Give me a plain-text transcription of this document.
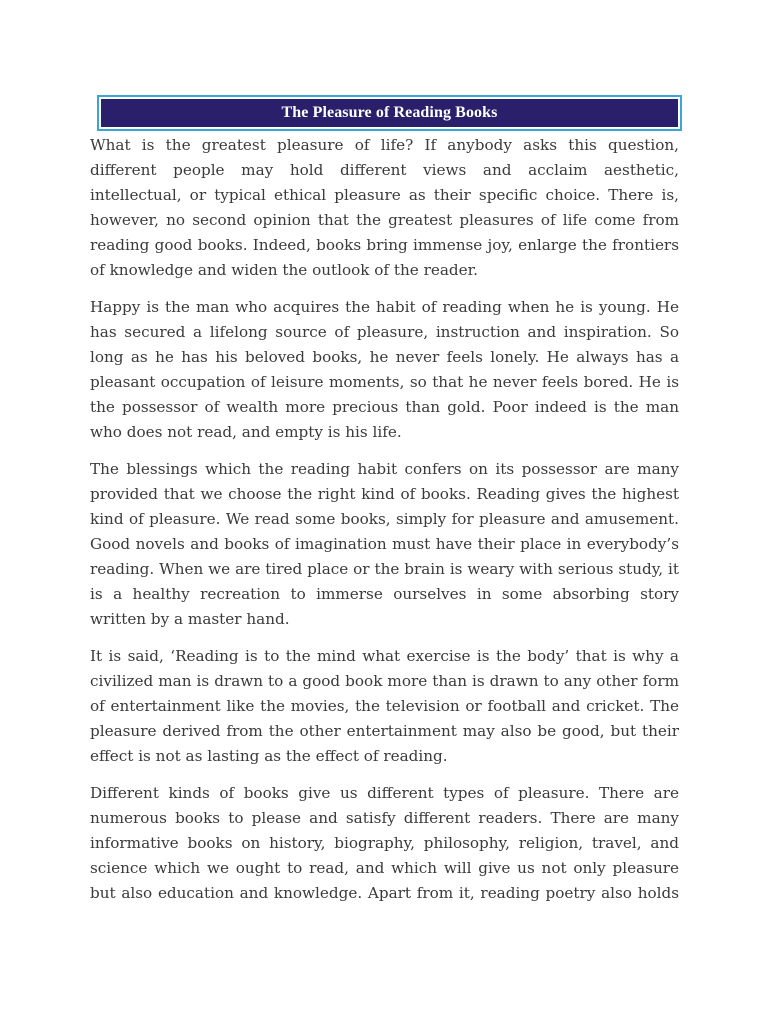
The Pleasure of Reading Books

What is the greatest pleasure of life? If anybody asks this question, different people may hold different views and acclaim aesthetic, intellectual, or typical ethical pleasure as their specific choice. There is, however, no second opinion that the greatest pleasures of life come from reading good books. Indeed, books bring immense joy, enlarge the frontiers of knowledge and widen the outlook of the reader.

Happy is the man who acquires the habit of reading when he is young. He has secured a lifelong source of pleasure, instruction and inspiration. So long as he has his beloved books, he never feels lonely. He always has a pleasant occupation of leisure moments, so that he never feels bored. He is the possessor of wealth more precious than gold. Poor indeed is the man who does not read, and empty is his life.

The blessings which the reading habit confers on its possessor are many provided that we choose the right kind of books. Reading gives the highest kind of pleasure. We read some books, simply for pleasure and amusement. Good novels and books of imagination must have their place in everybody’s reading. When we are tired place or the brain is weary with serious study, it is a healthy recreation to immerse ourselves in some absorbing story written by a master hand.

It is said, ‘Reading is to the mind what exercise is the body’ that is why a civilized man is drawn to a good book more than is drawn to any other form of entertainment like the movies, the television or football and cricket. The pleasure derived from the other entertainment may also be good, but their effect is not as lasting as the effect of reading.

Different kinds of books give us different types of pleasure. There are numerous books to please and satisfy different readers. There are many informative books on history, biography, philosophy, religion, travel, and science which we ought to read, and which will give us not only pleasure but also education and knowledge. Apart from it, reading poetry also holds
